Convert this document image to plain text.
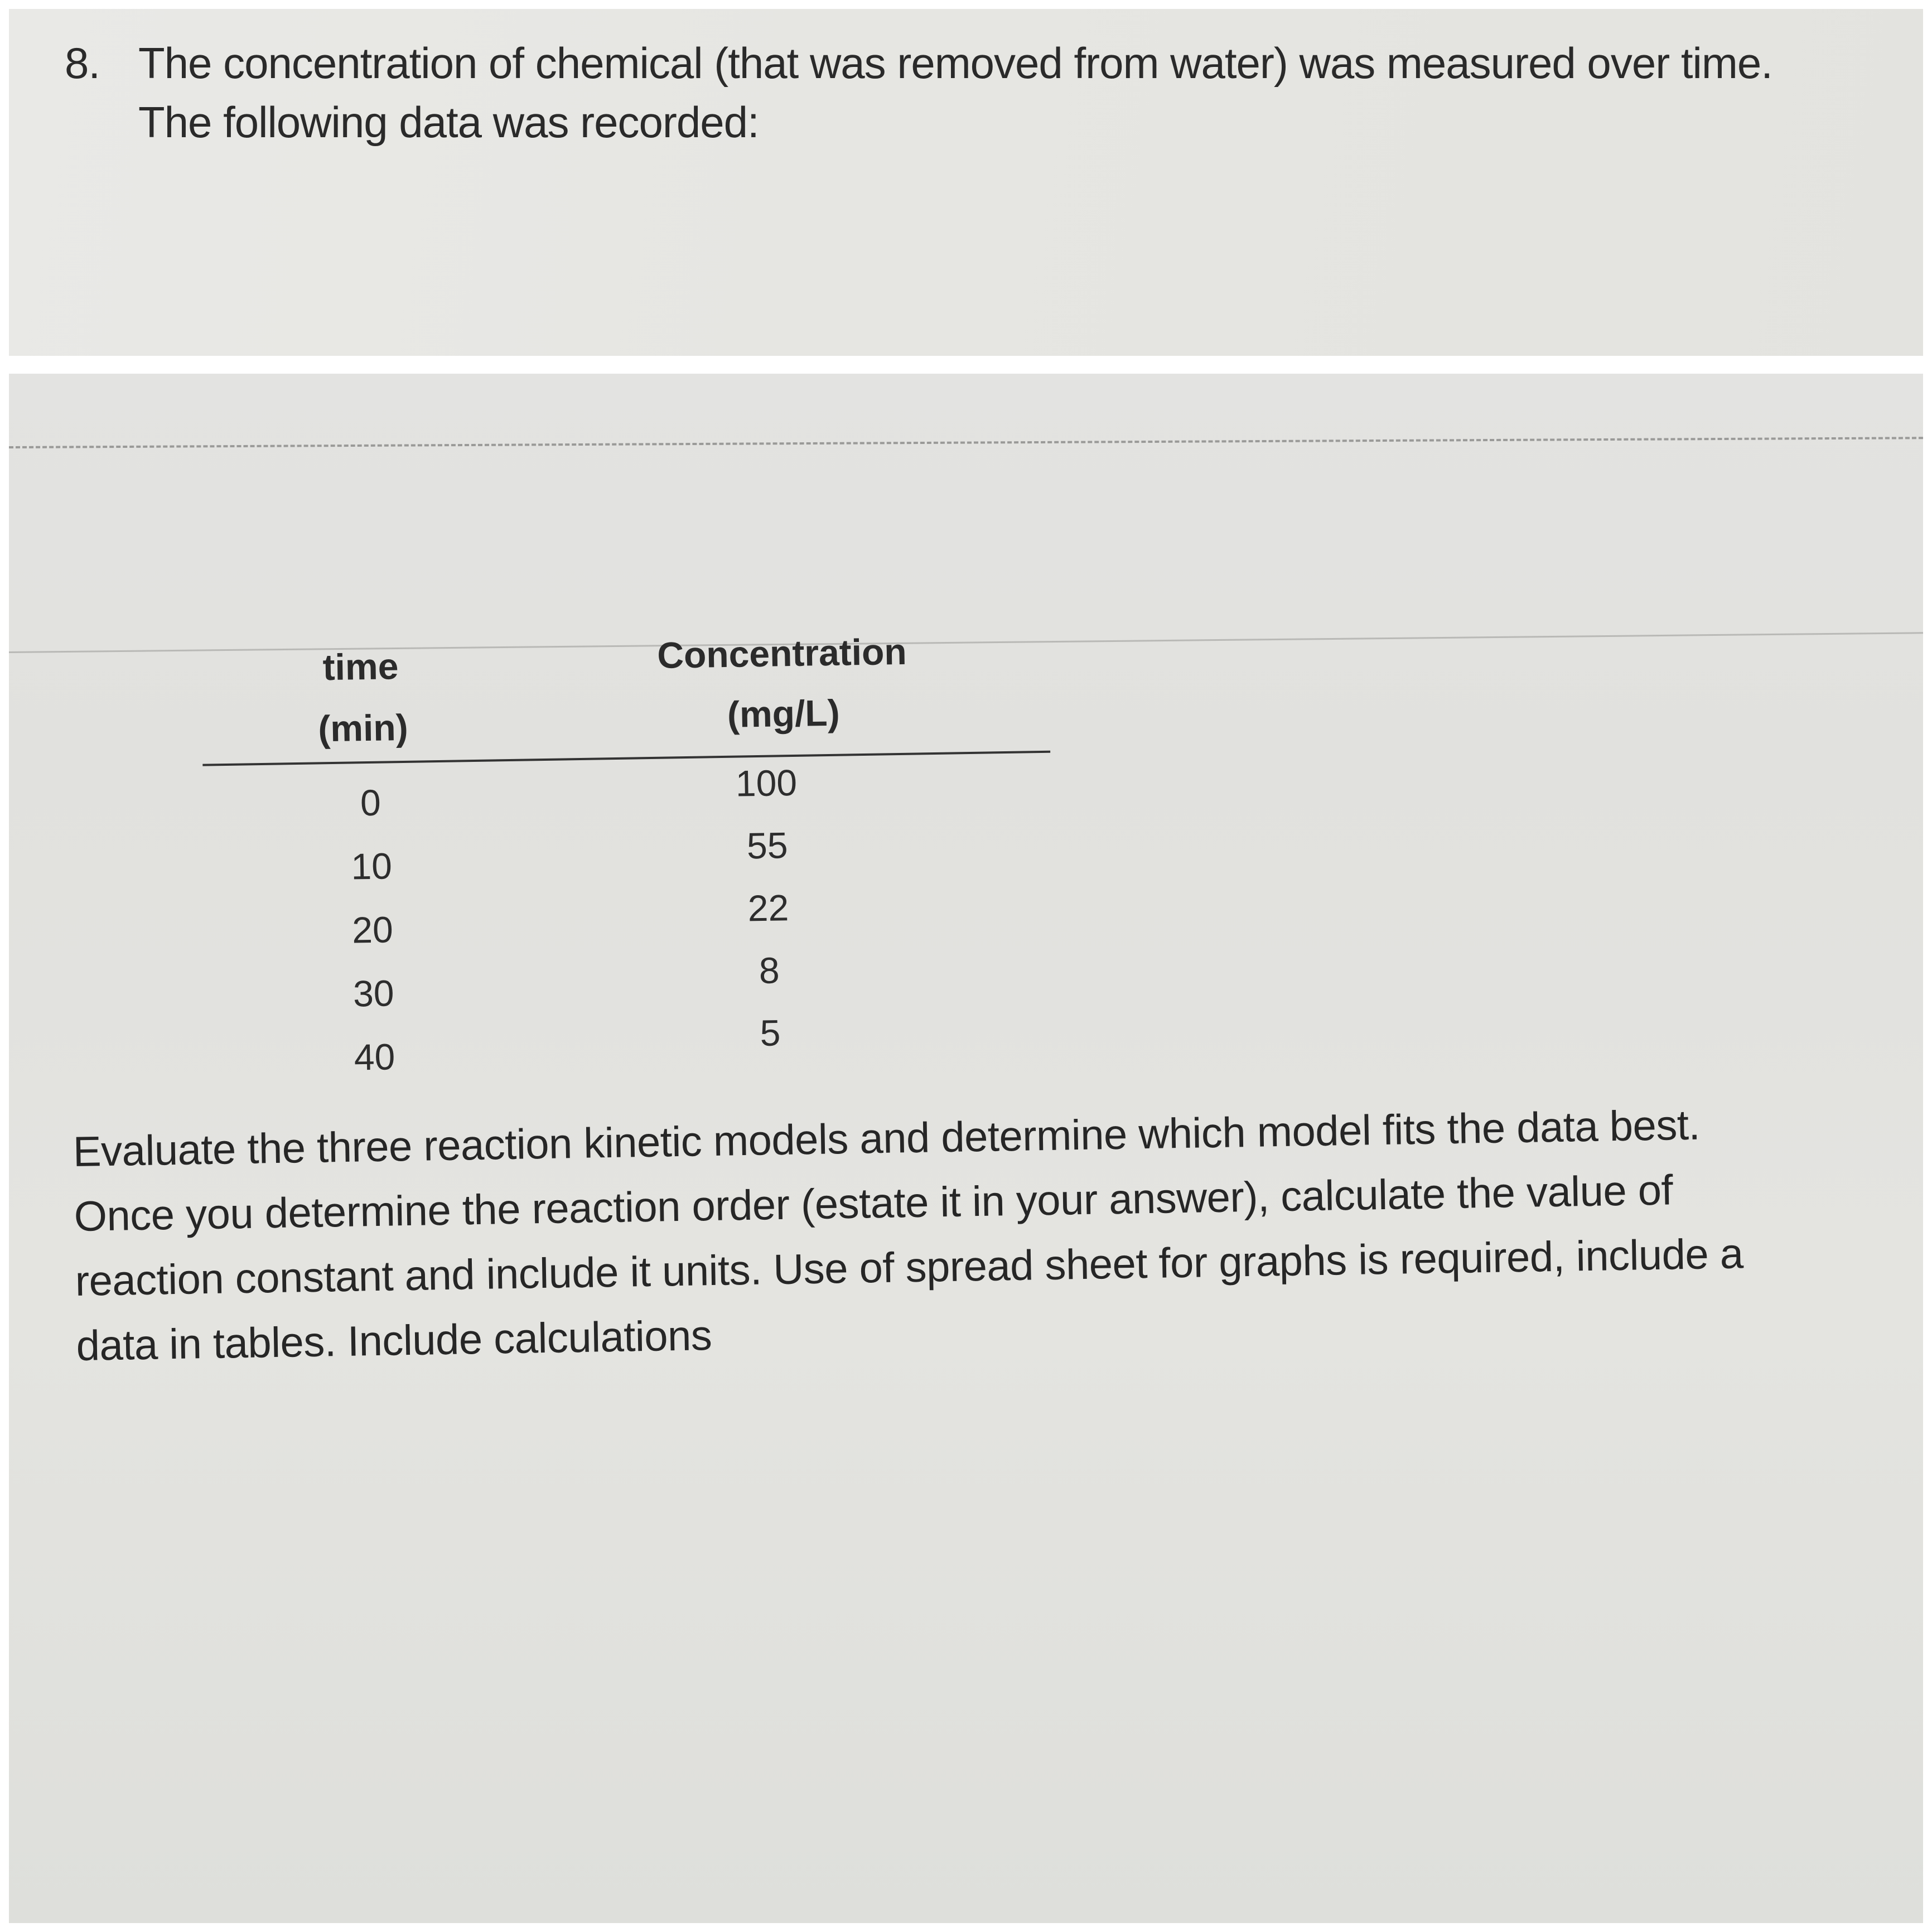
8. The concentration of chemical (that was removed from water) was measured over time.
The following data was recorded:
time
(min)
Concentration
(mg/L)
0	100
10	55
20
22
30
8
40
5
Evaluate the three reaction kinetic models and determine which model fits the data best.
Once you determine the reaction order (estate it in your answer), calculate the value of
reaction constant and include it units. Use of spread sheet for graphs is required, include a
data in tables. Include calculations
